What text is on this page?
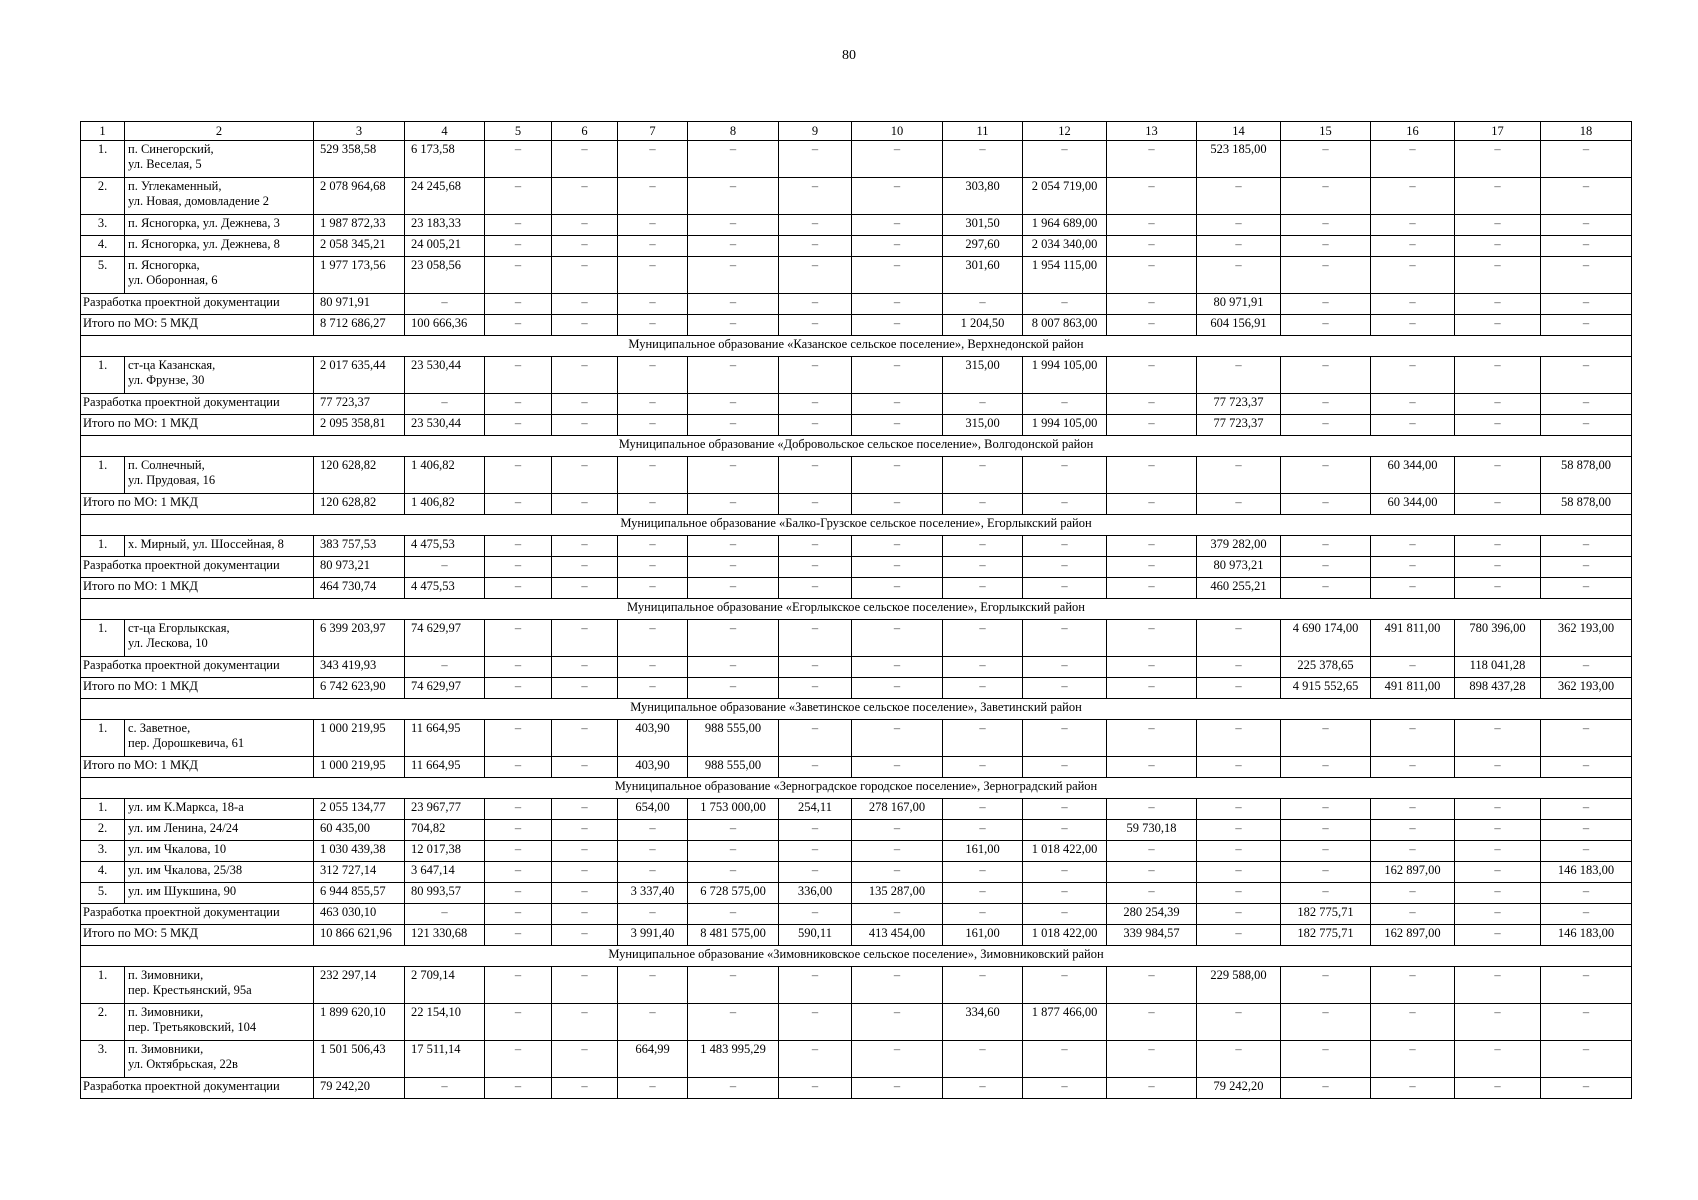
80
1	2	3	4	5	6	7	8	9	10	11	12	13	14	15	16	17	18
1.	п. Синегорский,
ул. Веселая, 5	529 358,58	6 173,58	–	–	–	–	–	–	–	–	–	523 185,00	–	–	–	–
2.	п. Углекаменный,
ул. Новая, домовладение 2	2 078 964,68	24 245,68	–	–	–	–	–	–	303,80	2 054 719,00	–	–	–	–	–	–
3.	п. Ясногорка, ул. Дежнева, 3	1 987 872,33	23 183,33	–	–	–	–	–	–	301,50	1 964 689,00	–	–	–	–	–	–
4.	п. Ясногорка, ул. Дежнева, 8	2 058 345,21	24 005,21	–	–	–	–	–	–	297,60	2 034 340,00	–	–	–	–	–	–
5.	п. Ясногорка,
ул. Оборонная, 6	1 977 173,56	23 058,56	–	–	–	–	–	–	301,60	1 954 115,00	–	–	–	–	–	–
Разработка проектной документации		80 971,91	–	–	–	–	–	–	–	–	–	–	80 971,91	–	–	–	–
Итого по МО: 5 МКД		8 712 686,27	100 666,36	–	–	–	–	–	–	1 204,50	8 007 863,00	–	604 156,91	–	–	–	–
Муниципальное образование «Казанское сельское поселение», Верхнедонской район																	
1.	ст-ца Казанская,
ул. Фрунзе, 30	2 017 635,44	23 530,44	–	–	–	–	–	–	315,00	1 994 105,00	–	–	–	–	–	–
Разработка проектной документации		77 723,37	–	–	–	–	–	–	–	–	–	–	77 723,37	–	–	–	–
Итого по МО: 1 МКД		2 095 358,81	23 530,44	–	–	–	–	–	–	315,00	1 994 105,00	–	77 723,37	–	–	–	–
Муниципальное образование «Добровольское сельское поселение», Волгодонской район																	
1.	п. Солнечный,
ул. Прудовая, 16	120 628,82	1 406,82	–	–	–	–	–	–	–	–	–	–	–	60 344,00	–	58 878,00
Итого по МО: 1 МКД		120 628,82	1 406,82	–	–	–	–	–	–	–	–	–	–	–	60 344,00	–	58 878,00
Муниципальное образование «Балко-Грузское сельское поселение», Егорлыкский район																	
1.	х. Мирный, ул. Шоссейная, 8	383 757,53	4 475,53	–	–	–	–	–	–	–	–	–	379 282,00	–	–	–	–
Разработка проектной документации		80 973,21	–	–	–	–	–	–	–	–	–	–	80 973,21	–	–	–	–
Итого по МО: 1 МКД		464 730,74	4 475,53	–	–	–	–	–	–	–	–	–	460 255,21	–	–	–	–
Муниципальное образование «Егорлыкское сельское поселение», Егорлыкский район																	
1.	ст-ца Егорлыкская,
ул. Лескова, 10	6 399 203,97	74 629,97	–	–	–	–	–	–	–	–	–	–	4 690 174,00	491 811,00	780 396,00	362 193,00
Разработка проектной документации		343 419,93	–	–	–	–	–	–	–	–	–	–	–	225 378,65	–	118 041,28	–
Итого по МО: 1 МКД		6 742 623,90	74 629,97	–	–	–	–	–	–	–	–	–	–	4 915 552,65	491 811,00	898 437,28	362 193,00
Муниципальное образование «Заветинское сельское поселение», Заветинский район																	
1.	с. Заветное,
пер. Дорошкевича, 61	1 000 219,95	11 664,95	–	–	403,90	988 555,00	–	–	–	–	–	–	–	–	–	–
Итого по МО: 1 МКД		1 000 219,95	11 664,95	–	–	403,90	988 555,00	–	–	–	–	–	–	–	–	–	–
Муниципальное образование «Зерноградское городское поселение», Зерноградский район																	
1.	ул. им К.Маркса, 18-а	2 055 134,77	23 967,77	–	–	654,00	1 753 000,00	254,11	278 167,00	–	–	–	–	–	–	–	–
2.	ул. им Ленина, 24/24	60 435,00	704,82	–	–	–	–	–	–	–	–	59 730,18	–	–	–	–	–
3.	ул. им Чкалова, 10	1 030 439,38	12 017,38	–	–	–	–	–	–	161,00	1 018 422,00	–	–	–	–	–	–
4.	ул. им Чкалова, 25/38	312 727,14	3 647,14	–	–	–	–	–	–	–	–	–	–	–	162 897,00	–	146 183,00
5.	ул. им Шукшина, 90	6 944 855,57	80 993,57	–	–	3 337,40	6 728 575,00	336,00	135 287,00	–	–	–	–	–	–	–	–
Разработка проектной документации		463 030,10	–	–	–	–	–	–	–	–	–	280 254,39	–	182 775,71	–	–	–
Итого по МО: 5 МКД		10 866 621,96	121 330,68	–	–	3 991,40	8 481 575,00	590,11	413 454,00	161,00	1 018 422,00	339 984,57	–	182 775,71	162 897,00	–	146 183,00
Муниципальное образование «Зимовниковское сельское поселение», Зимовниковский район																	
1.	п. Зимовники,
пер. Крестьянский, 95а	232 297,14	2 709,14	–	–	–	–	–	–	–	–	–	229 588,00	–	–	–	–
2.	п. Зимовники,
пер. Третьяковский, 104	1 899 620,10	22 154,10	–	–	–	–	–	–	334,60	1 877 466,00	–	–	–	–	–	–
3.	п. Зимовники,
ул. Октябрьская, 22в	1 501 506,43	17 511,14	–	–	664,99	1 483 995,29	–	–	–	–	–	–	–	–	–	–
Разработка проектной документации		79 242,20	–	–	–	–	–	–	–	–	–	–	79 242,20	–	–	–	–
